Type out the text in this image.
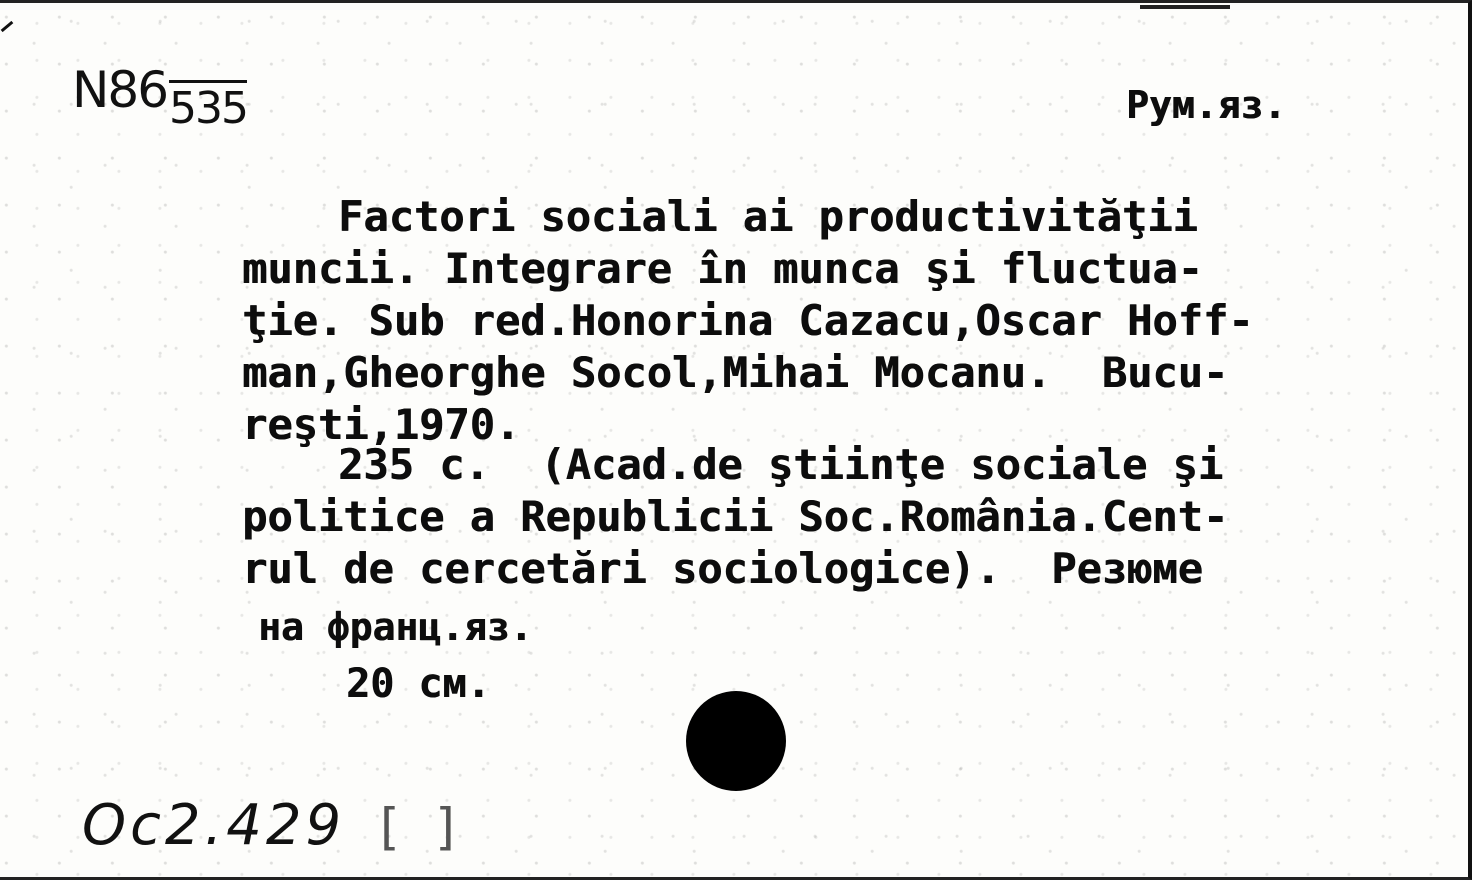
N86535	Рум.яз.
Factori sociali ai productivităţii
muncii. Integrare în munca şi fluctua-
ţie. Sub red.Honorina Cazacu,Oscar Hoff-
man,Gheorghe Socol,Mihai Mocanu.  Bucu-
reşti,1970.
235 c.  (Acad.de ştiinţe sociale şi
politice a Republicii Soc.România.Cent-
rul de cercetări sociologice).  Резюме
на франц.яз.
20 см.
Oc2.429 [ ]
